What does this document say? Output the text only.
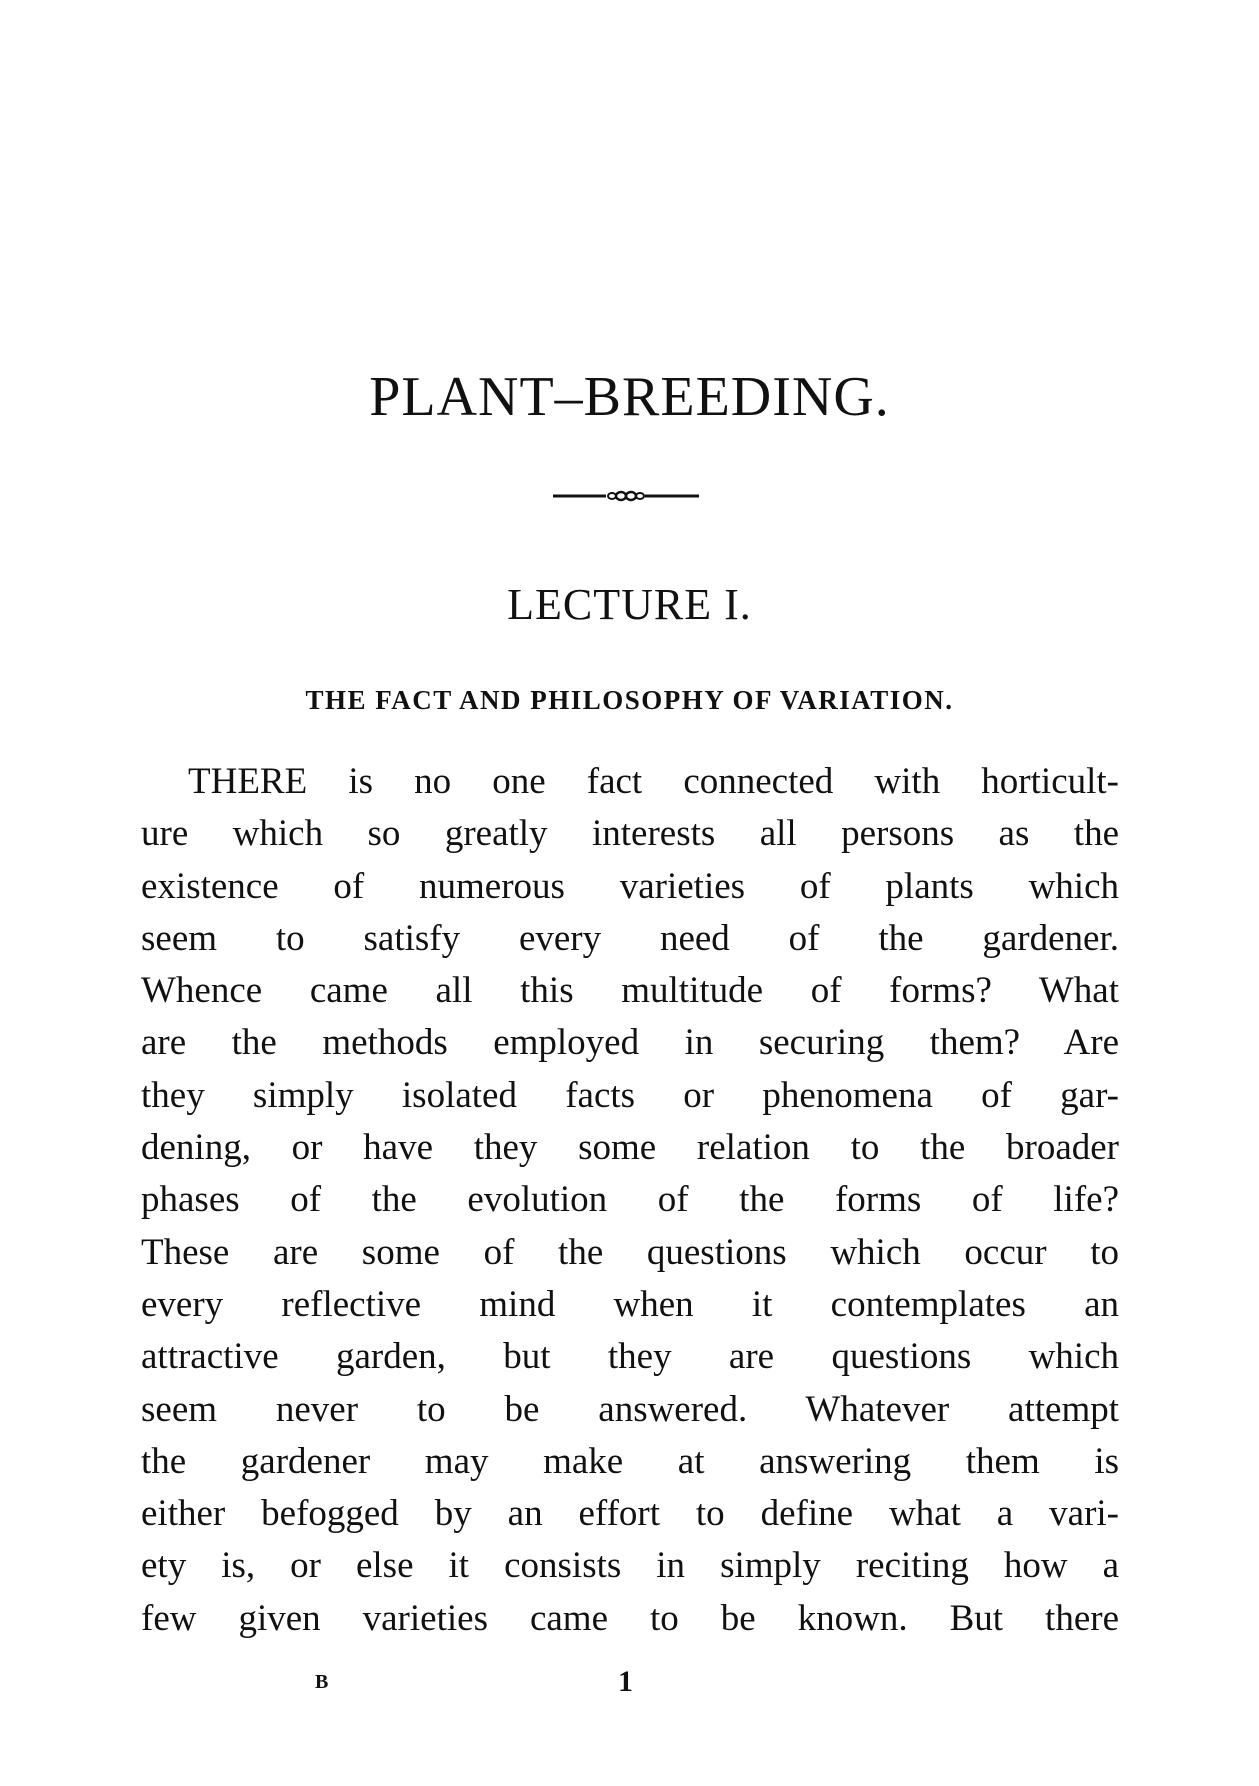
PLANT–BREEDING.
LECTURE I.
THE FACT AND PHILOSOPHY OF VARIATION.
THERE is no one fact connected with horticult-
ure which so greatly interests all persons as the
existence of numerous varieties of plants which
seem to satisfy every need of the gardener.
Whence came all this multitude of forms? What
are the methods employed in securing them? Are
they simply isolated facts or phenomena of gar-
dening, or have they some relation to the broader
phases of the evolution of the forms of life?
These are some of the questions which occur to
every reflective mind when it contemplates an
attractive garden, but they are questions which
seem never to be answered. Whatever attempt
the gardener may make at answering them is
either befogged by an effort to define what a vari-
ety is, or else it consists in simply reciting how a
few given varieties came to be known. But there
B	1
